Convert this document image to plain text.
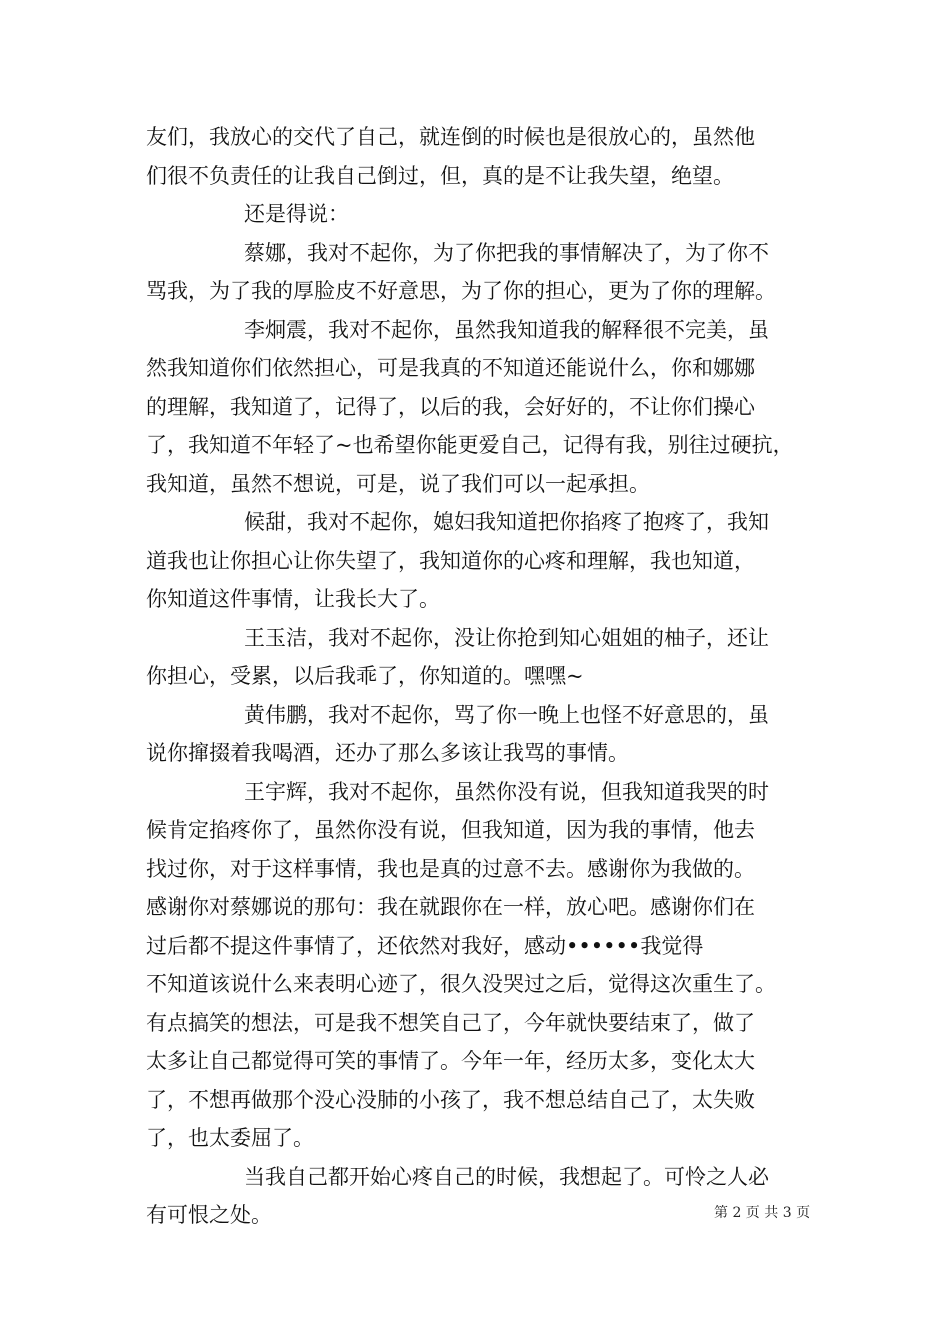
友们，我放心的交代了自己，就连倒的时候也是很放心的，虽然他
们很不负责任的让我自己倒过，但，真的是不让我失望，绝望。
还是得说：
蔡娜，我对不起你，为了你把我的事情解决了，为了你不
骂我，为了我的厚脸皮不好意思，为了你的担心，更为了你的理解。
李炯震，我对不起你，虽然我知道我的解释很不完美，虽
然我知道你们依然担心，可是我真的不知道还能说什么，你和娜娜
的理解，我知道了，记得了，以后的我，会好好的，不让你们操心
了，我知道不年轻了~也希望你能更爱自己，记得有我，别往过硬抗，
我知道，虽然不想说，可是，说了我们可以一起承担。
候甜，我对不起你，媳妇我知道把你掐疼了抱疼了，我知
道我也让你担心让你失望了，我知道你的心疼和理解，我也知道，
你知道这件事情，让我长大了。
王玉洁，我对不起你，没让你抢到知心姐姐的柚子，还让
你担心，受累，以后我乖了，你知道的。嘿嘿~
黄伟鹏，我对不起你，骂了你一晚上也怪不好意思的，虽
说你撺掇着我喝酒，还办了那么多该让我骂的事情。
王宇辉，我对不起你，虽然你没有说，但我知道我哭的时
候肯定掐疼你了，虽然你没有说，但我知道，因为我的事情，他去
找过你，对于这样事情，我也是真的过意不去。感谢你为我做的。
感谢你对蔡娜说的那句：我在就跟你在一样，放心吧。感谢你们在
过后都不提这件事情了，还依然对我好，感动••••••我觉得
不知道该说什么来表明心迹了，很久没哭过之后，觉得这次重生了。
有点搞笑的想法，可是我不想笑自己了，今年就快要结束了，做了
太多让自己都觉得可笑的事情了。今年一年，经历太多，变化太大
了，不想再做那个没心没肺的小孩了，我不想总结自己了，太失败
了，也太委屈了。
当我自己都开始心疼自己的时候，我想起了。可怜之人必
有可恨之处。	第 2 页 共 3 页
